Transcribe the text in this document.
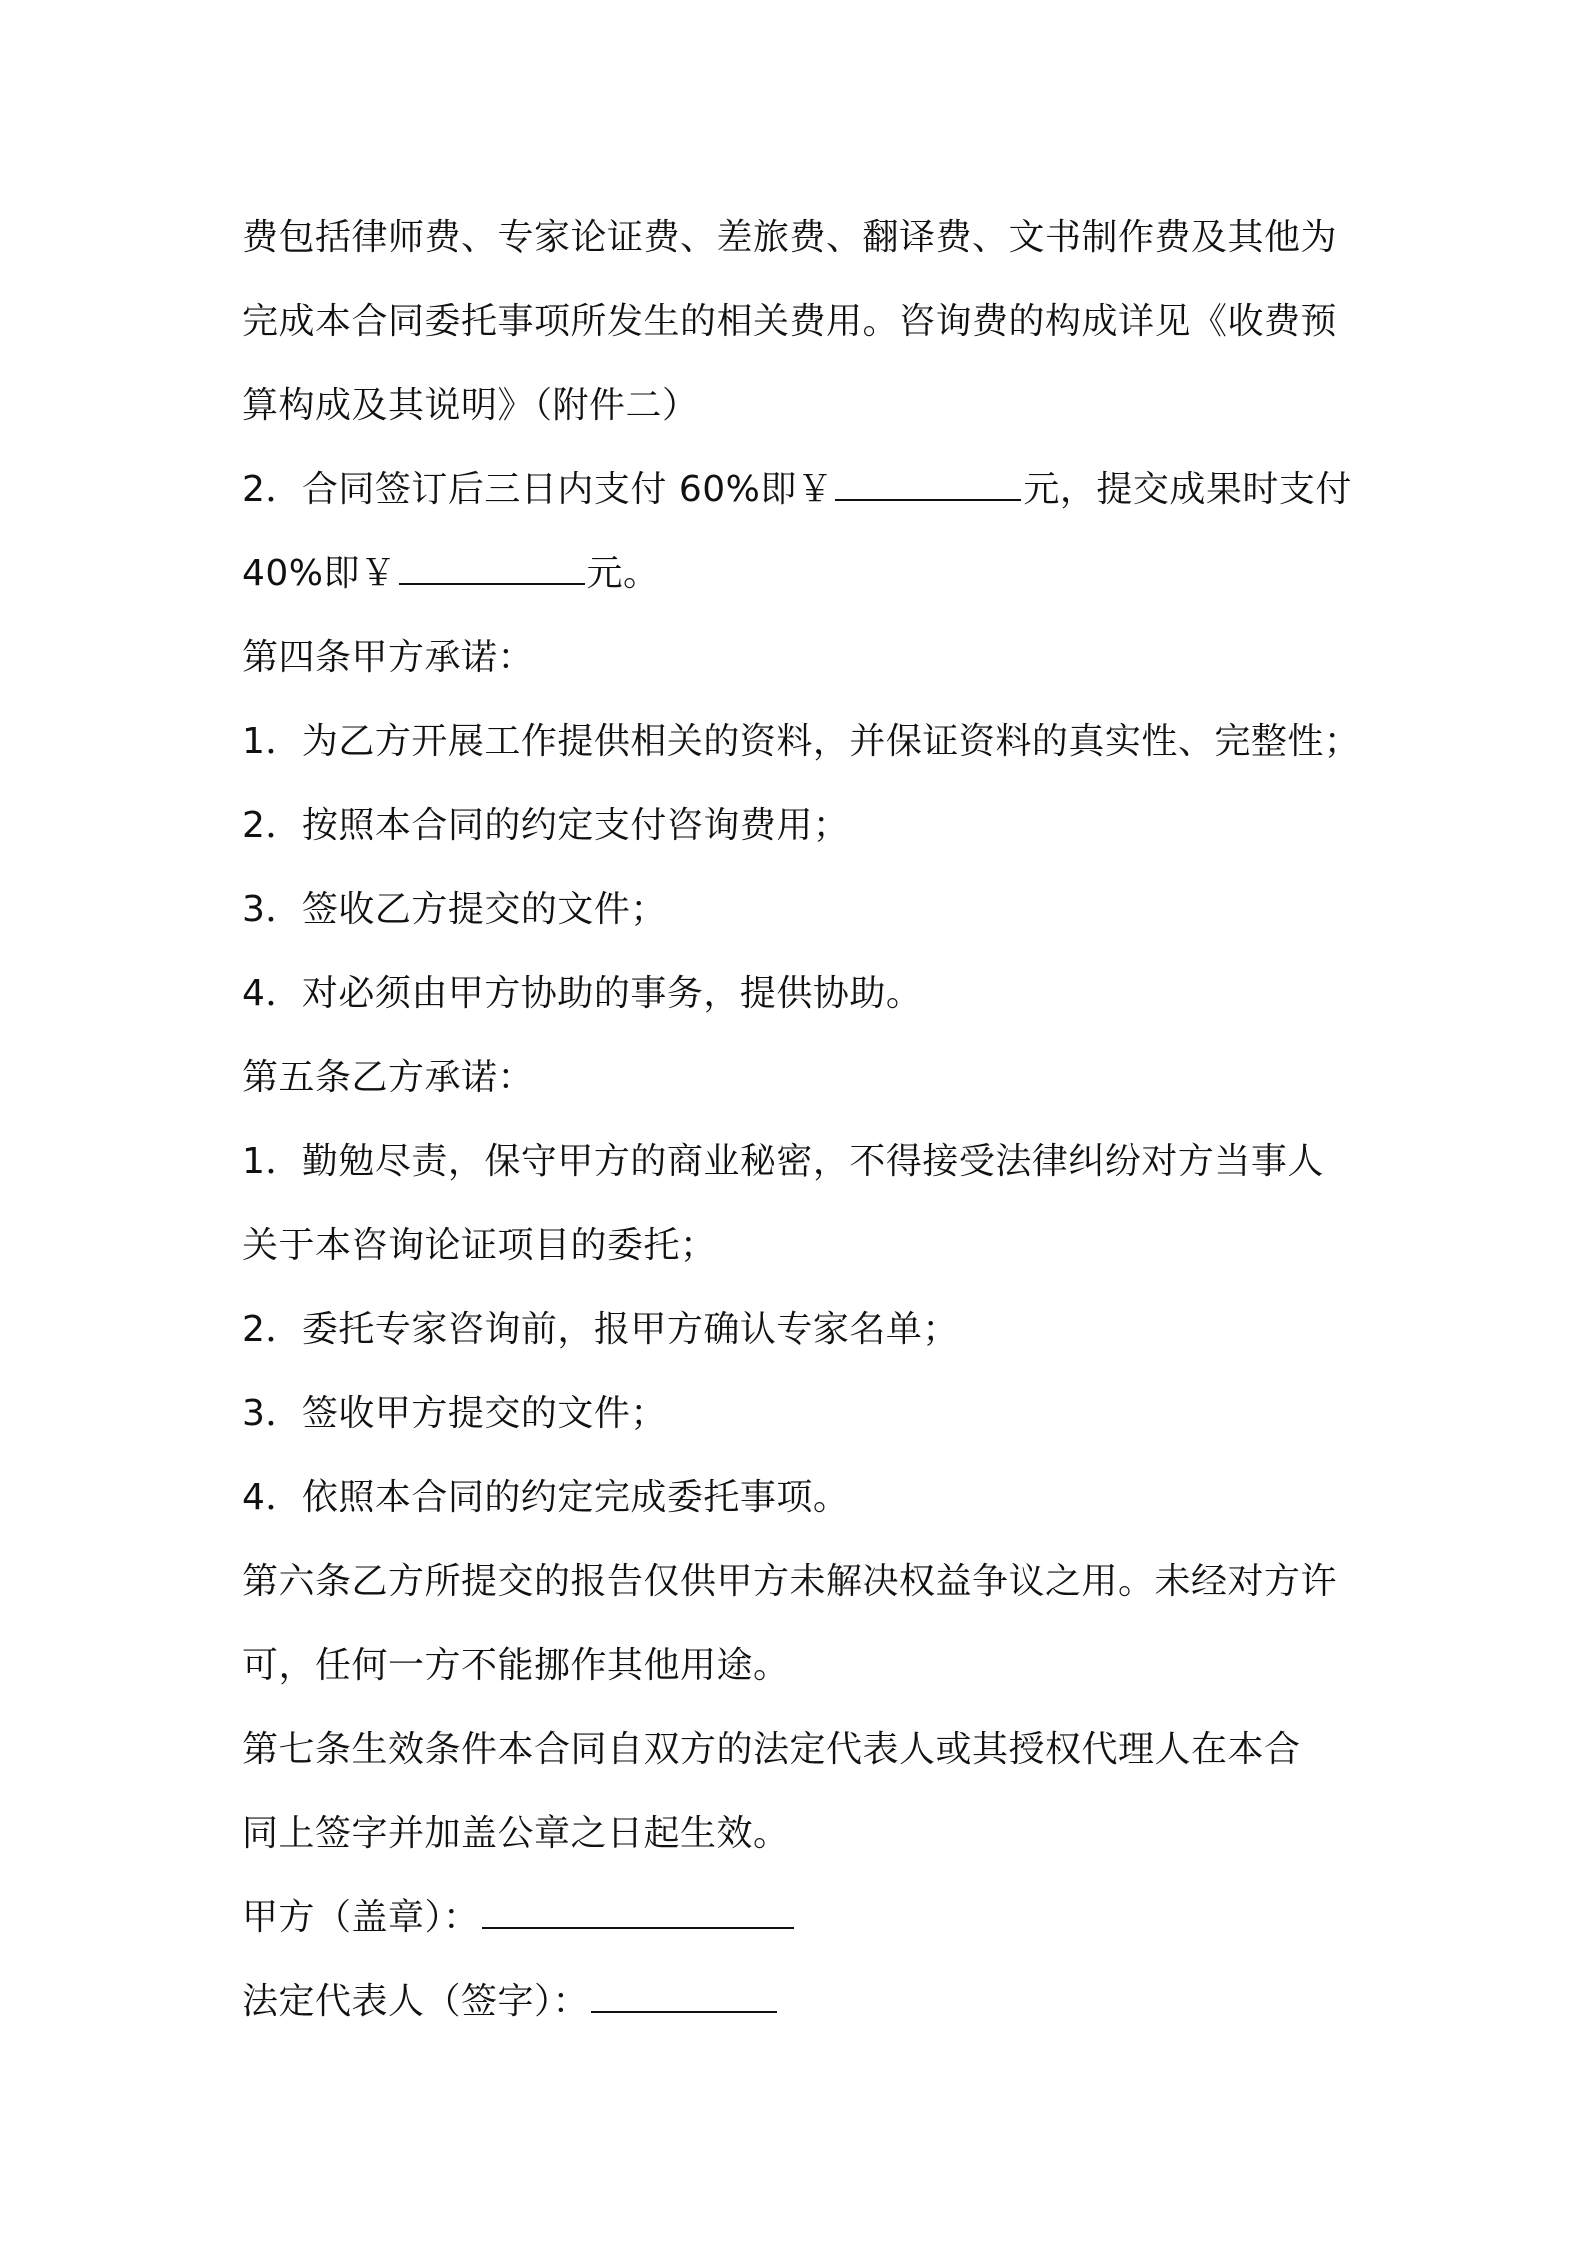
费包括律师费、专家论证费、差旅费、翻译费、文书制作费及其他为
完成本合同委托事项所发生的相关费用。咨询费的构成详见《收费预
算构成及其说明》（附件二）
2．合同签订后三日内支付 60%即￥	元，提交成果时支付
40%即￥	元。
第四条甲方承诺：
1．为乙方开展工作提供相关的资料，并保证资料的真实性、完整性；
2．按照本合同的约定支付咨询费用；
3．签收乙方提交的文件；
4．对必须由甲方协助的事务，提供协助。
第五条乙方承诺：
1．勤勉尽责，保守甲方的商业秘密，不得接受法律纠纷对方当事人
关于本咨询论证项目的委托；
2．委托专家咨询前，报甲方确认专家名单；
3．签收甲方提交的文件；
4．依照本合同的约定完成委托事项。
第六条乙方所提交的报告仅供甲方未解决权益争议之用。未经对方许
可，任何一方不能挪作其他用途。
第七条生效条件本合同自双方的法定代表人或其授权代理人在本合
同上签字并加盖公章之日起生效。
甲方（盖章）：
法定代表人（签字）：
